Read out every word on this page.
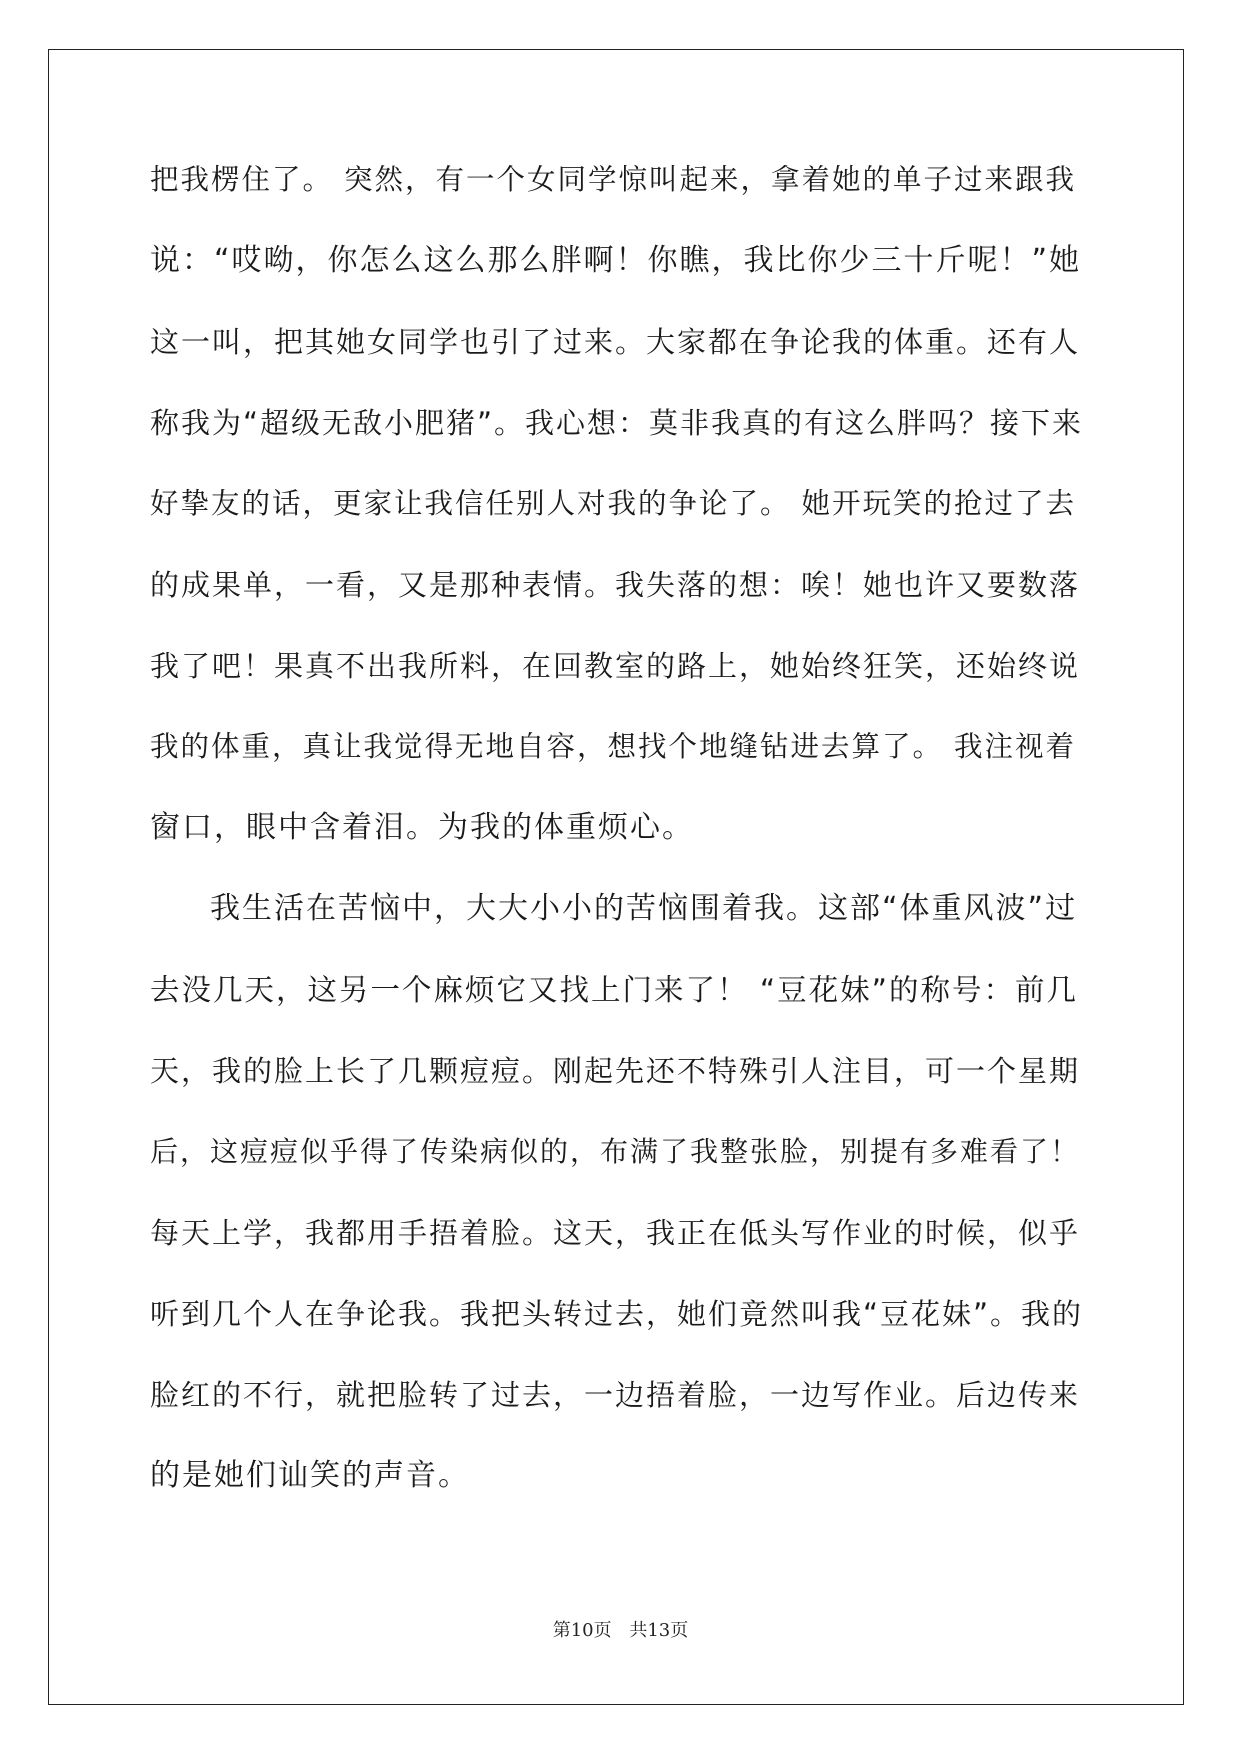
把我楞住了。 突然，有一个女同学惊叫起来，拿着她的单子过来跟我
说：“哎呦，你怎么这么那么胖啊！你瞧，我比你少三十斤呢！”她
这一叫，把其她女同学也引了过来。大家都在争论我的体重。还有人
称我为“超级无敌小肥猪”。我心想：莫非我真的有这么胖吗？接下来
好挚友的话，更家让我信任别人对我的争论了。 她开玩笑的抢过了去
的成果单，一看，又是那种表情。我失落的想：唉！她也许又要数落
我了吧！果真不出我所料，在回教室的路上，她始终狂笑，还始终说
我的体重，真让我觉得无地自容，想找个地缝钻进去算了。 我注视着
窗口，眼中含着泪。为我的体重烦心。
我生活在苦恼中，大大小小的苦恼围着我。这部“体重风波”过
去没几天，这另一个麻烦它又找上门来了！ “豆花妹”的称号：前几
天，我的脸上长了几颗痘痘。刚起先还不特殊引人注目，可一个星期
后，这痘痘似乎得了传染病似的，布满了我整张脸，别提有多难看了！
每天上学，我都用手捂着脸。这天，我正在低头写作业的时候，似乎
听到几个人在争论我。我把头转过去，她们竟然叫我“豆花妹”。我的
脸红的不行，就把脸转了过去，一边捂着脸，一边写作业。后边传来
的是她们讪笑的声音。
第10页 共13页
